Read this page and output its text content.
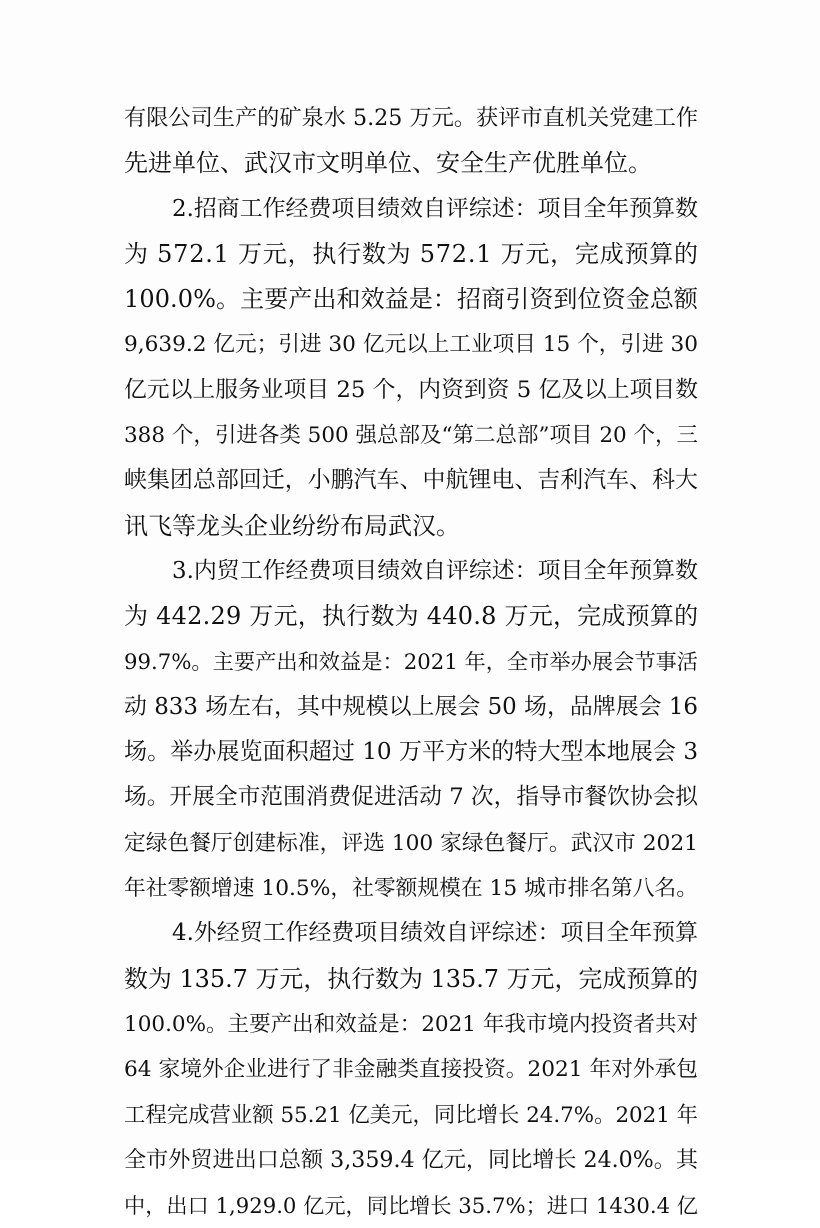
有限公司生产的矿泉水 5.25 万元。获评市直机关党建工作
先进单位、武汉市文明单位、安全生产优胜单位。
2.招商工作经费项目绩效自评综述：项目全年预算数
为 572.1 万元，执行数为 572.1 万元，完成预算的
100.0%。主要产出和效益是：招商引资到位资金总额
9,639.2 亿元；引进 30 亿元以上工业项目 15 个，引进 30
亿元以上服务业项目 25 个，内资到资 5 亿及以上项目数
388 个，引进各类 500 强总部及“第二总部”项目 20 个，三
峡集团总部回迁，小鹏汽车、中航锂电、吉利汽车、科大
讯飞等龙头企业纷纷布局武汉。
3.内贸工作经费项目绩效自评综述：项目全年预算数
为 442.29 万元，执行数为 440.8 万元，完成预算的
99.7%。主要产出和效益是：2021 年，全市举办展会节事活
动 833 场左右，其中规模以上展会 50 场，品牌展会 16
场。举办展览面积超过 10 万平方米的特大型本地展会 3
场。开展全市范围消费促进活动 7 次，指导市餐饮协会拟
定绿色餐厅创建标准，评选 100 家绿色餐厅。武汉市 2021
年社零额增速 10.5%，社零额规模在 15 城市排名第八名。
4.外经贸工作经费项目绩效自评综述：项目全年预算
数为 135.7 万元，执行数为 135.7 万元，完成预算的
100.0%。主要产出和效益是：2021 年我市境内投资者共对
64 家境外企业进行了非金融类直接投资。2021 年对外承包
工程完成营业额 55.21 亿美元，同比增长 24.7%。2021 年
全市外贸进出口总额 3,359.4 亿元，同比增长 24.0%。其
中，出口 1,929.0 亿元，同比增长 35.7%；进口 1430.4 亿
